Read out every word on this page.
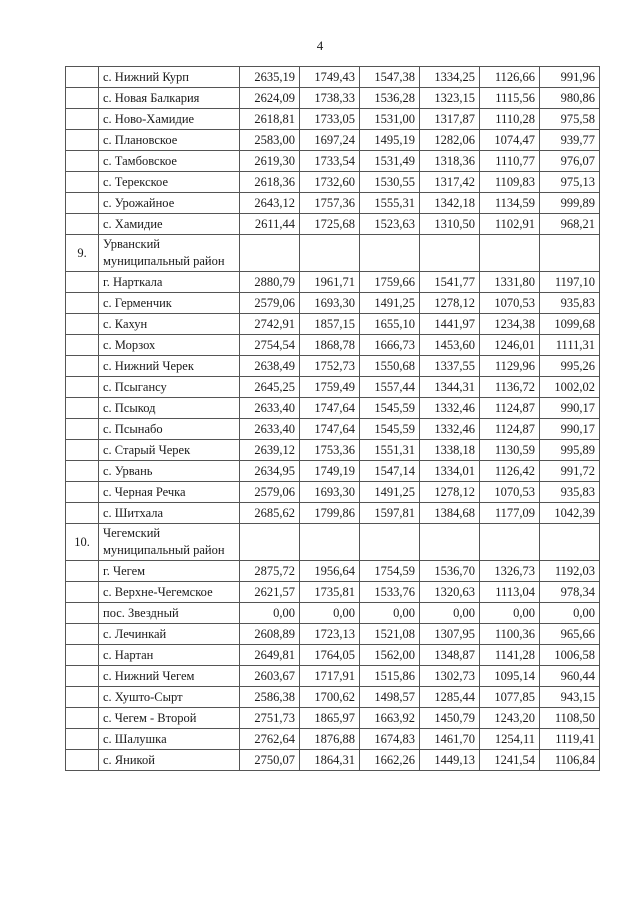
4
	с. Нижний Курп	2635,19	1749,43	1547,38	1334,25	1126,66	991,96
	с. Новая Балкария	2624,09	1738,33	1536,28	1323,15	1115,56	980,86
	с. Ново-Хамидие	2618,81	1733,05	1531,00	1317,87	1110,28	975,58
	с. Плановское	2583,00	1697,24	1495,19	1282,06	1074,47	939,77
	с. Тамбовское	2619,30	1733,54	1531,49	1318,36	1110,77	976,07
	с. Терекское	2618,36	1732,60	1530,55	1317,42	1109,83	975,13
	с. Урожайное	2643,12	1757,36	1555,31	1342,18	1134,59	999,89
	с. Хамидие	2611,44	1725,68	1523,63	1310,50	1102,91	968,21
9.	Урванский муниципальный район						
	г. Нарткала	2880,79	1961,71	1759,66	1541,77	1331,80	1197,10
	с. Герменчик	2579,06	1693,30	1491,25	1278,12	1070,53	935,83
	с. Кахун	2742,91	1857,15	1655,10	1441,97	1234,38	1099,68
	с. Морзох	2754,54	1868,78	1666,73	1453,60	1246,01	1111,31
	с. Нижний Черек	2638,49	1752,73	1550,68	1337,55	1129,96	995,26
	с. Псыгансу	2645,25	1759,49	1557,44	1344,31	1136,72	1002,02
	с. Псыкод	2633,40	1747,64	1545,59	1332,46	1124,87	990,17
	с. Псынабо	2633,40	1747,64	1545,59	1332,46	1124,87	990,17
	с. Старый Черек	2639,12	1753,36	1551,31	1338,18	1130,59	995,89
	с. Урвань	2634,95	1749,19	1547,14	1334,01	1126,42	991,72
	с. Черная Речка	2579,06	1693,30	1491,25	1278,12	1070,53	935,83
	с. Шитхала	2685,62	1799,86	1597,81	1384,68	1177,09	1042,39
10.	Чегемский муниципальный район						
	г. Чегем	2875,72	1956,64	1754,59	1536,70	1326,73	1192,03
	с. Верхне-Чегемское	2621,57	1735,81	1533,76	1320,63	1113,04	978,34
	пос. Звездный	0,00	0,00	0,00	0,00	0,00	0,00
	с. Лечинкай	2608,89	1723,13	1521,08	1307,95	1100,36	965,66
	с. Нартан	2649,81	1764,05	1562,00	1348,87	1141,28	1006,58
	с. Нижний Чегем	2603,67	1717,91	1515,86	1302,73	1095,14	960,44
	с. Хушто-Сырт	2586,38	1700,62	1498,57	1285,44	1077,85	943,15
	с. Чегем - Второй	2751,73	1865,97	1663,92	1450,79	1243,20	1108,50
	с. Шалушка	2762,64	1876,88	1674,83	1461,70	1254,11	1119,41
	с. Яникой	2750,07	1864,31	1662,26	1449,13	1241,54	1106,84
